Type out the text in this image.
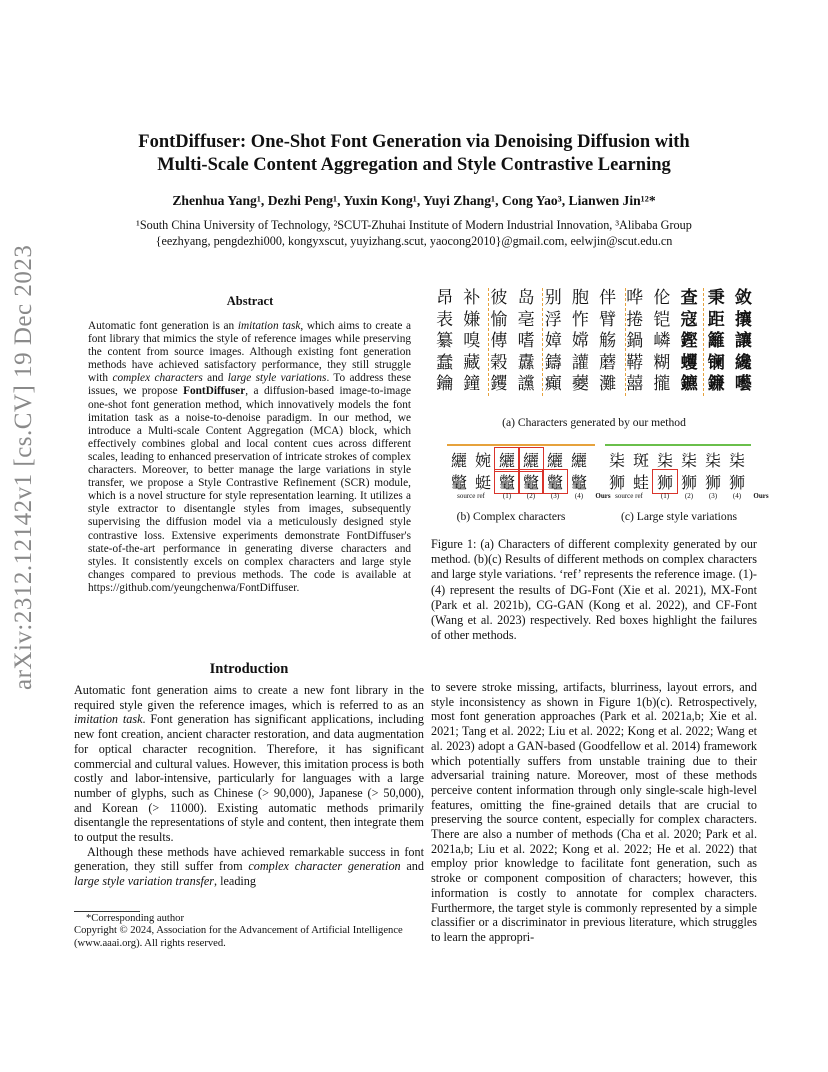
arXiv:2312.12142v1 [cs.CV] 19 Dec 2023
FontDiffuser: One-Shot Font Generation via Denoising Diffusion with
Multi-Scale Content Aggregation and Style Contrastive Learning
Zhenhua Yang¹, Dezhi Peng¹, Yuxin Kong¹, Yuyi Zhang¹, Cong Yao³, Lianwen Jin¹²*
¹South China University of Technology, ²SCUT-Zhuhai Institute of Modern Industrial Innovation, ³Alibaba Group
{eezhyang, pengdezhi000, kongyxscut, yuyizhang.scut, yaocong2010}@gmail.com, eelwjin@scut.edu.cn
Abstract
Automatic font generation is an imitation task, which aims to create a font library that mimics the style of reference images while preserving the content from source images. Although existing font generation methods have achieved satisfactory performance, they still struggle with complex characters and large style variations. To address these issues, we propose FontDiffuser, a diffusion-based image-to-image one-shot font generation method, which innovatively models the font imitation task as a noise-to-denoise paradigm. In our method, we introduce a Multi-scale Content Aggregation (MCA) block, which effectively combines global and local content cues across different scales, leading to enhanced preservation of intricate strokes of complex characters. Moreover, to better manage the large variations in style transfer, we propose a Style Contrastive Refinement (SCR) module, which is a novel structure for style representation learning. It utilizes a style extractor to disentangle styles from images, subsequently supervising the diffusion model via a meticulously designed style contrastive loss. Extensive experiments demonstrate FontDiffuser's state-of-the-art performance in generating diverse characters and styles. It consistently excels on complex characters and large style changes compared to previous methods. The code is available at https://github.com/yeungchenwa/FontDiffuser.
Introduction

Automatic font generation aims to create a new font library in the required style given the reference images, which is referred to as an imitation task. Font generation has significant applications, including new font creation, ancient character restoration, and data augmentation for optical character recognition. Therefore, it has significant commercial and cultural values. However, this imitation process is both costly and labor-intensive, particularly for languages with a large number of glyphs, such as Chinese (> 90,000), Japanese (> 50,000), and Korean (> 11000). Existing automatic methods primarily disentangle the representations of style and content, then integrate them to output the results.

Although these methods have achieved remarkable success in font generation, they still suffer from complex character generation and large style variation transfer, leading

*Corresponding author
Copyright © 2024, Association for the Advancement of Artificial Intelligence (www.aaai.org). All rights reserved.
昂 补 彼 岛 别 胞 伴 哗 伦 查 秉 敛
表 嫌 愉 亳 浮 怍 臂 捲 铠 寇 距 攘
纂 嗅 傳 嗜 嫜 嫦 觞 鍋 嶙 鏗 籬 讓
蠢 藏 榖 纛 鑄 讙 蘑 鞯 糊 蠼 镧 纔
鑰 鐘 钁 讜 癲 虁 灘 囍 攏 鑣 鐮 囈
(a) Characters generated by our method
纚 婉 纚 纚 纚 纚
龞 蜓 龞 龞 龞 龞
source ref	(1)	(2)	(3)	(4)	Ours
柒 斑 柒 柒 柒 柒
狮 蛙 狮 狮 狮 狮
source ref	(1)	(2)	(3)	(4)	Ours
(b) Complex characters	(c) Large style variations
Figure 1: (a) Characters of different complexity generated by our method. (b)(c) Results of different methods on complex characters and large style variations. ‘ref’ represents the reference image. (1)-(4) represent the results of DG-Font (Xie et al. 2021), MX-Font (Park et al. 2021b), CG-GAN (Kong et al. 2022), and CF-Font (Wang et al. 2023) respectively. Red boxes highlight the failures of other methods.
to severe stroke missing, artifacts, blurriness, layout errors, and style inconsistency as shown in Figure 1(b)(c). Retrospectively, most font generation approaches (Park et al. 2021a,b; Xie et al. 2021; Tang et al. 2022; Liu et al. 2022; Kong et al. 2022; Wang et al. 2023) adopt a GAN-based (Goodfellow et al. 2014) framework which potentially suffers from unstable training due to their adversarial training nature. Moreover, most of these methods perceive content information through only single-scale high-level features, omitting the fine-grained details that are crucial to preserving the source content, especially for complex characters. There are also a number of methods (Cha et al. 2020; Park et al. 2021a,b; Liu et al. 2022; Kong et al. 2022; He et al. 2022) that employ prior knowledge to facilitate font generation, such as stroke or component composition of characters; however, this information is costly to annotate for complex characters. Furthermore, the target style is commonly represented by a simple classifier or a discriminator in previous literature, which struggles to learn the appropri-
